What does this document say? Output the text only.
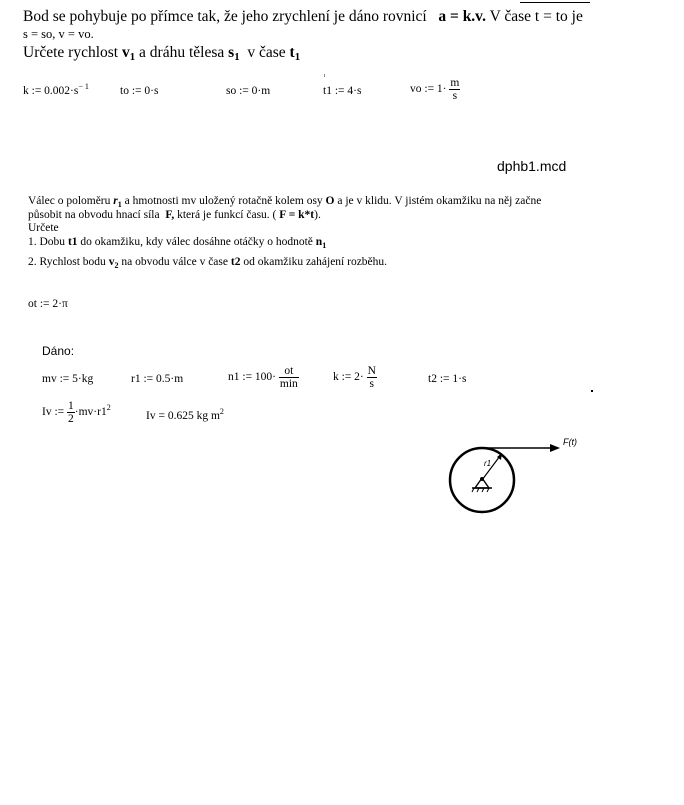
Bod se pohybuje po přímce tak, že jeho zrychlení je dáno rovnicí a = k.v. V čase t = to je
s = so, v = vo.
Určete rychlost $v_1$ a dráhu tělesa $s_1$ v čase $t_1$
k := $0.002\cdot s^{- 1}$	to := 0·s	so := 0·m	t1 := 4·s	vo := $1\cdot \frac{m}{s}$
dphb1.mcd
Válec o poloměru $r_1$ a hmotnosti mv uložený rotačně kolem osy O a je v klidu. V jistém okamžiku na něj začne
působit na obvodu hnací síla F, která je funkcí času. ( F = k*t).
Určete
1. Dobu t1 do okamžiku, kdy válec dosáhne otáčky o hodnotě $n_1$
2. Rychlost bodu $v_2$ na obvodu válce v čase t2 od okamžiku zahájení rozběhu.
ot := 2·π
Dáno:
mv := 5·kg	r1 := 0.5·m	n1 := $100\cdot \frac{ot}{\min}$	k := $2\cdot \frac{N}{s}$	t2 := 1·s
Iv := $\frac{1}{2} \cdot mv\cdot r1^2$
Iv = 0.625 kg $m^2$
F(t)
r1
